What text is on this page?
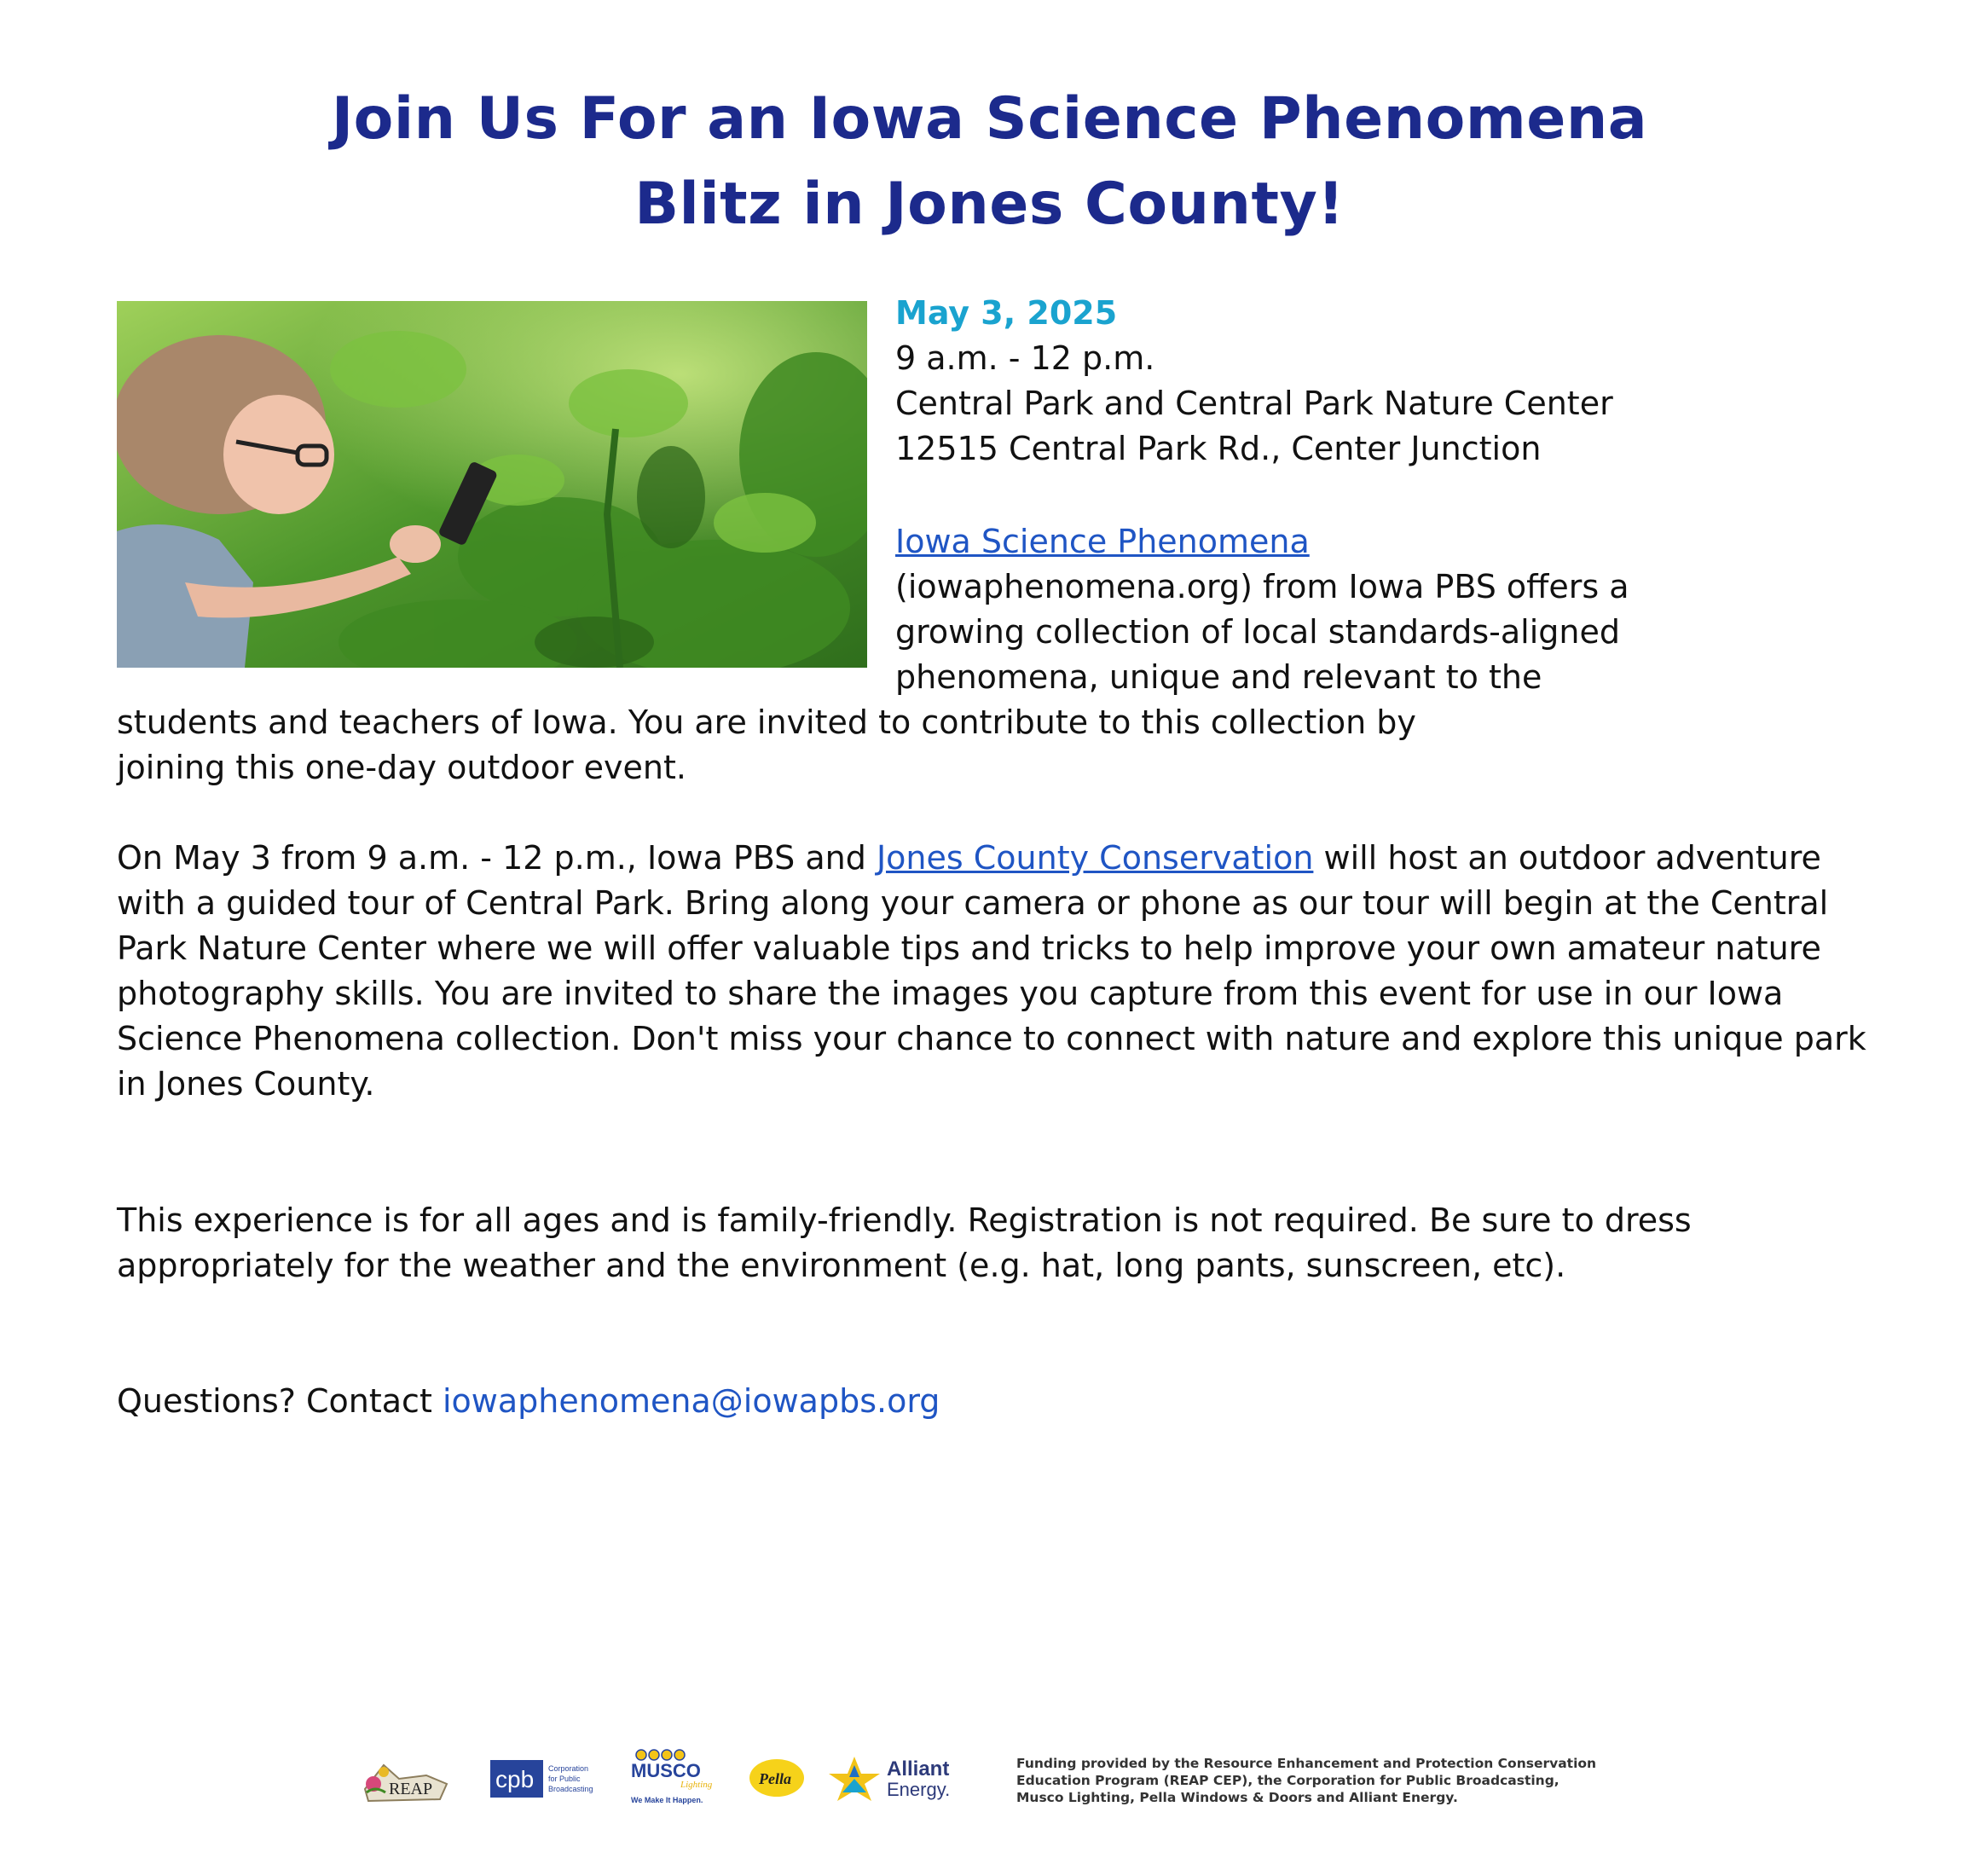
Join Us For an Iowa Science Phenomena
Blitz in Jones County!

May 3, 2025

9 a.m. - 12 p.m.

Central Park and Central Park Nature Center

12515 Central Park Rd., Center Junction

Iowa Science Phenomena

(iowaphenomena.org) from Iowa PBS offers a

growing collection of local standards-aligned

phenomena, unique and relevant to the

students and teachers of Iowa. You are invited to contribute to this collection by

joining this one-day outdoor event.

On May 3 from 9 a.m. - 12 p.m., Iowa PBS and Jones County Conservation will host an outdoor adventure with a guided tour of Central Park. Bring along your camera or phone as our tour will begin at the Central Park Nature Center where we will offer valuable tips and tricks to help improve your own amateur nature photography skills. You are invited to share the images you capture from this event for use in our Iowa Science Phenomena collection. Don't miss your chance to connect with nature and explore this unique park in Jones County.

This experience is for all ages and is family-friendly. Registration is not required. Be sure to dress appropriately for the weather and the environment (e.g. hat, long pants, sunscreen, etc).

Questions? Contact iowaphenomena@iowapbs.org

REAP	cpb Corporation
for Public
Broadcasting
MUSCO
Lighting
We Make It Happen.
Pella	Alliant
Energy.

Funding provided by the Resource Enhancement and Protection Conservation
Education Program (REAP CEP), the Corporation for Public Broadcasting,
Musco Lighting, Pella Windows & Doors and Alliant Energy.
